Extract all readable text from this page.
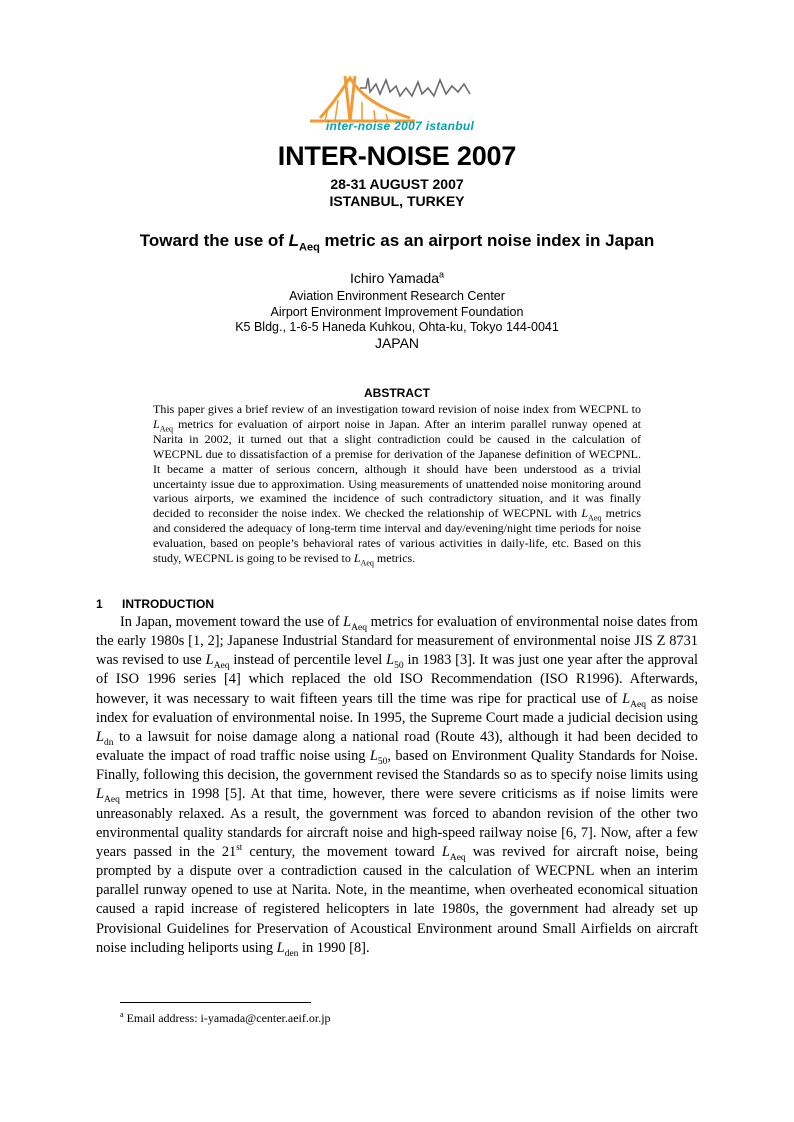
inter-noise 2007 istanbul
INTER-NOISE 2007
28-31 AUGUST 2007
ISTANBUL, TURKEY
Toward the use of $L_{Aeq}$ metric as an airport noise index in Japan
Ichiro Yamada$^a$
Aviation Environment Research Center
Airport Environment Improvement Foundation
K5 Bldg., 1-6-5 Haneda Kuhkou, Ohta-ku, Tokyo 144-0041
JAPAN
ABSTRACT

This paper gives a brief review of an investigation toward revision of noise index from WECPNL to $L_{Aeq}$ metrics for evaluation of airport noise in Japan. After an interim parallel runway opened at Narita in 2002, it turned out that a slight contradiction could be caused in the calculation of WECPNL due to dissatisfaction of a premise for derivation of the Japanese definition of WECPNL. It became a matter of serious concern, although it should have been understood as a trivial uncertainty issue due to approximation. Using measurements of unattended noise monitoring around various airports, we examined the incidence of such contradictory situation, and it was finally decided to reconsider the noise index. We checked the relationship of WECPNL with $L_{Aeq}$ metrics and considered the adequacy of long-term time interval and day/evening/night time periods for noise evaluation, based on people’s behavioral rates of various activities in daily-life, etc. Based on this study, WECPNL is going to be revised to $L_{Aeq}$ metrics.

1 INTRODUCTION

In Japan, movement toward the use of $L_{Aeq}$ metrics for evaluation of environmental noise dates from the early 1980s [1, 2]; Japanese Industrial Standard for measurement of environmental noise JIS Z 8731 was revised to use $L_{Aeq}$ instead of percentile level $L_{50}$ in 1983 [3]. It was just one year after the approval of ISO 1996 series [4] which replaced the old ISO Recommendation (ISO R1996). Afterwards, however, it was necessary to wait fifteen years till the time was ripe for practical use of $L_{Aeq}$ as noise index for evaluation of environmental noise. In 1995, the Supreme Court made a judicial decision using $L_{dn}$ to a lawsuit for noise damage along a national road (Route 43), although it had been decided to evaluate the impact of road traffic noise using $L_{50}$, based on Environment Quality Standards for Noise. Finally, following this decision, the government revised the Standards so as to specify noise limits using $L_{Aeq}$ metrics in 1998 [5]. At that time, however, there were severe criticisms as if noise limits were unreasonably relaxed. As a result, the government was forced to abandon revision of the other two environmental quality standards for aircraft noise and high-speed railway noise [6, 7]. Now, after a few years passed in the 21st century, the movement toward $L_{Aeq}$ was revived for aircraft noise, being prompted by a dispute over a contradiction caused in the calculation of WECPNL when an interim parallel runway opened to use at Narita. Note, in the meantime, when overheated economical situation caused a rapid increase of registered helicopters in late 1980s, the government had already set up Provisional Guidelines for Preservation of Acoustical Environment around Small Airfields on aircraft noise including heliports using $L_{den}$ in 1990 [8].

$^a$ Email address: i-yamada@center.aeif.or.jp
